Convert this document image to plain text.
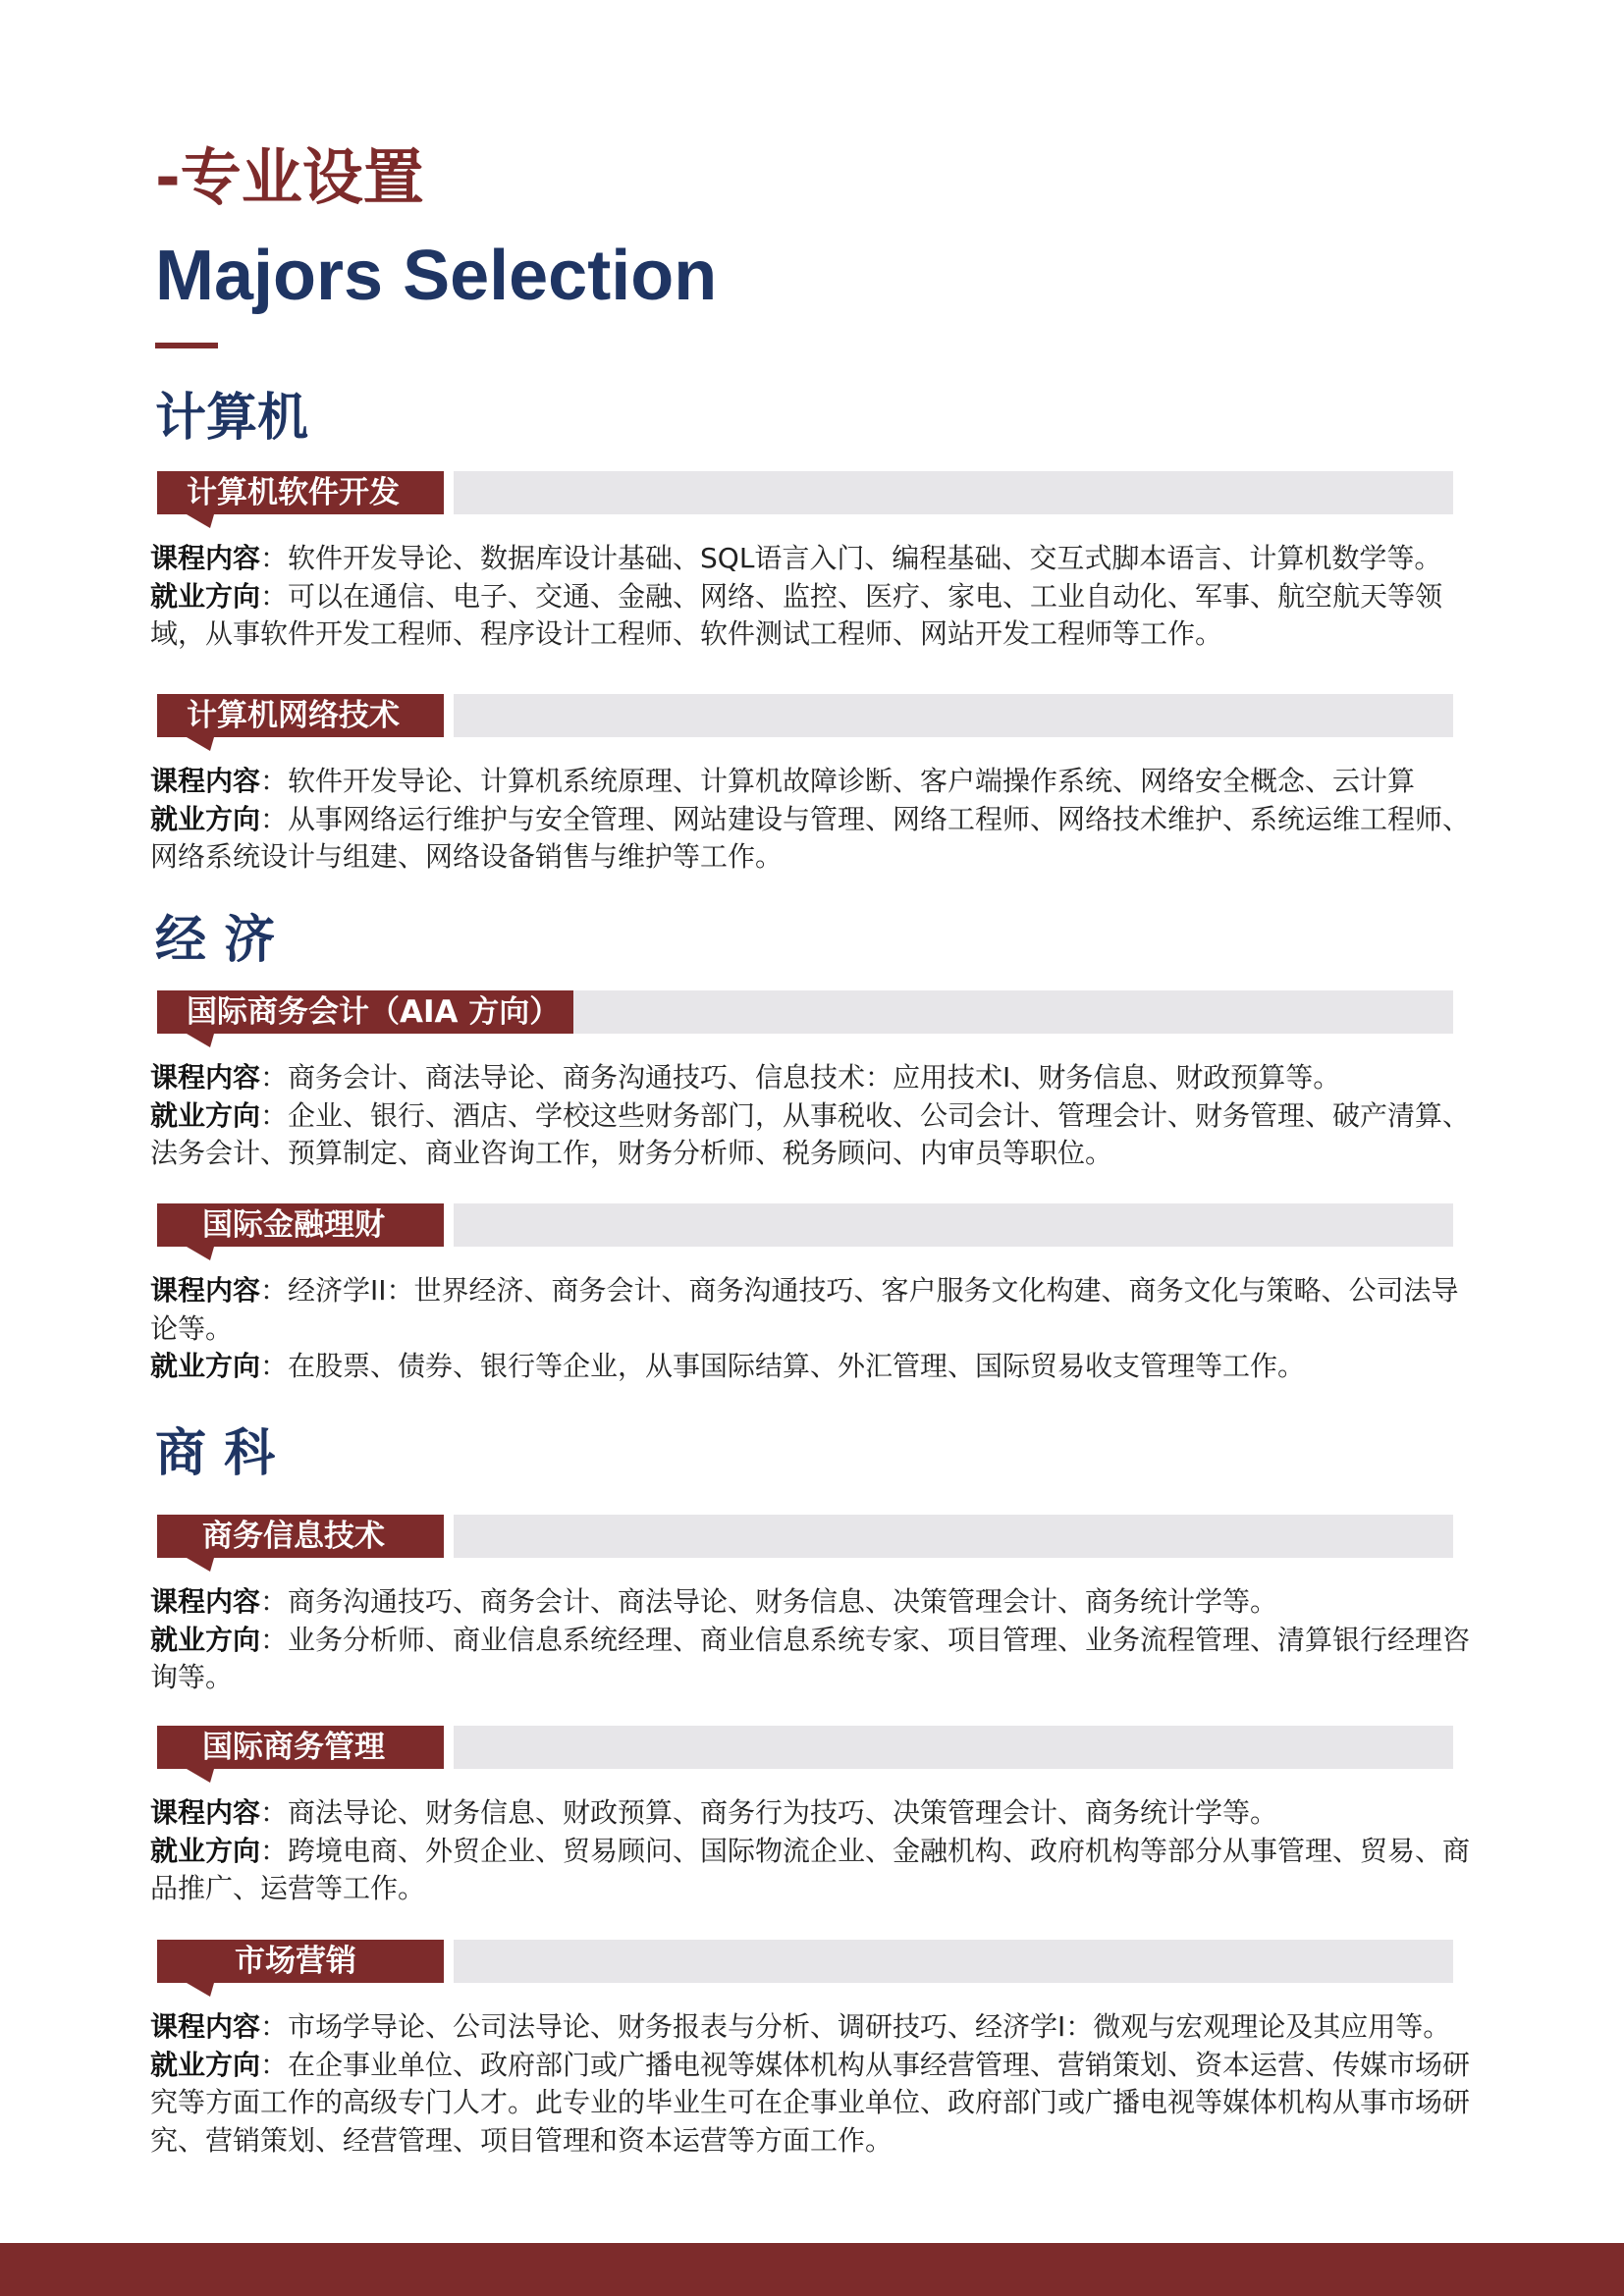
-专业设置
Majors Selection
计算机
计算机软件开发

课程内容：软件开发导论、数据库设计基础、SQL语言入门、编程基础、交互式脚本语言、计算机数学等。

就业方向：可以在通信、电子、交通、金融、网络、监控、医疗、家电、工业自动化、军事、航空航天等领域，从事软件开发工程师、程序设计工程师、软件测试工程师、网站开发工程师等工作。

计算机网络技术

课程内容：软件开发导论、计算机系统原理、计算机故障诊断、客户端操作系统、网络安全概念、云计算

就业方向：从事网络运行维护与安全管理、网站建设与管理、网络工程师、网络技术维护、系统运维工程师、网络系统设计与组建、网络设备销售与维护等工作。

经 济
国际商务会计（AIA 方向）

课程内容：商务会计、商法导论、商务沟通技巧、信息技术：应用技术I、财务信息、财政预算等。

就业方向：企业、银行、酒店、学校这些财务部门，从事税收、公司会计、管理会计、财务管理、破产清算、法务会计、预算制定、商业咨询工作，财务分析师、税务顾问、内审员等职位。

国际金融理财

课程内容：经济学II：世界经济、商务会计、商务沟通技巧、客户服务文化构建、商务文化与策略、公司法导论等。

就业方向：在股票、债券、银行等企业，从事国际结算、外汇管理、国际贸易收支管理等工作。

商 科
商务信息技术

课程内容：商务沟通技巧、商务会计、商法导论、财务信息、决策管理会计、商务统计学等。

就业方向：业务分析师、商业信息系统经理、商业信息系统专家、项目管理、业务流程管理、清算银行经理咨询等。

国际商务管理

课程内容：商法导论、财务信息、财政预算、商务行为技巧、决策管理会计、商务统计学等。

就业方向：跨境电商、外贸企业、贸易顾问、国际物流企业、金融机构、政府机构等部分从事管理、贸易、商品推广、运营等工作。

市场营销

课程内容：市场学导论、公司法导论、财务报表与分析、调研技巧、经济学I：微观与宏观理论及其应用等。

就业方向：在企事业单位、政府部门或广播电视等媒体机构从事经营管理、营销策划、资本运营、传媒市场研究等方面工作的高级专门人才。此专业的毕业生可在企事业单位、政府部门或广播电视等媒体机构从事市场研究、营销策划、经营管理、项目管理和资本运营等方面工作。
